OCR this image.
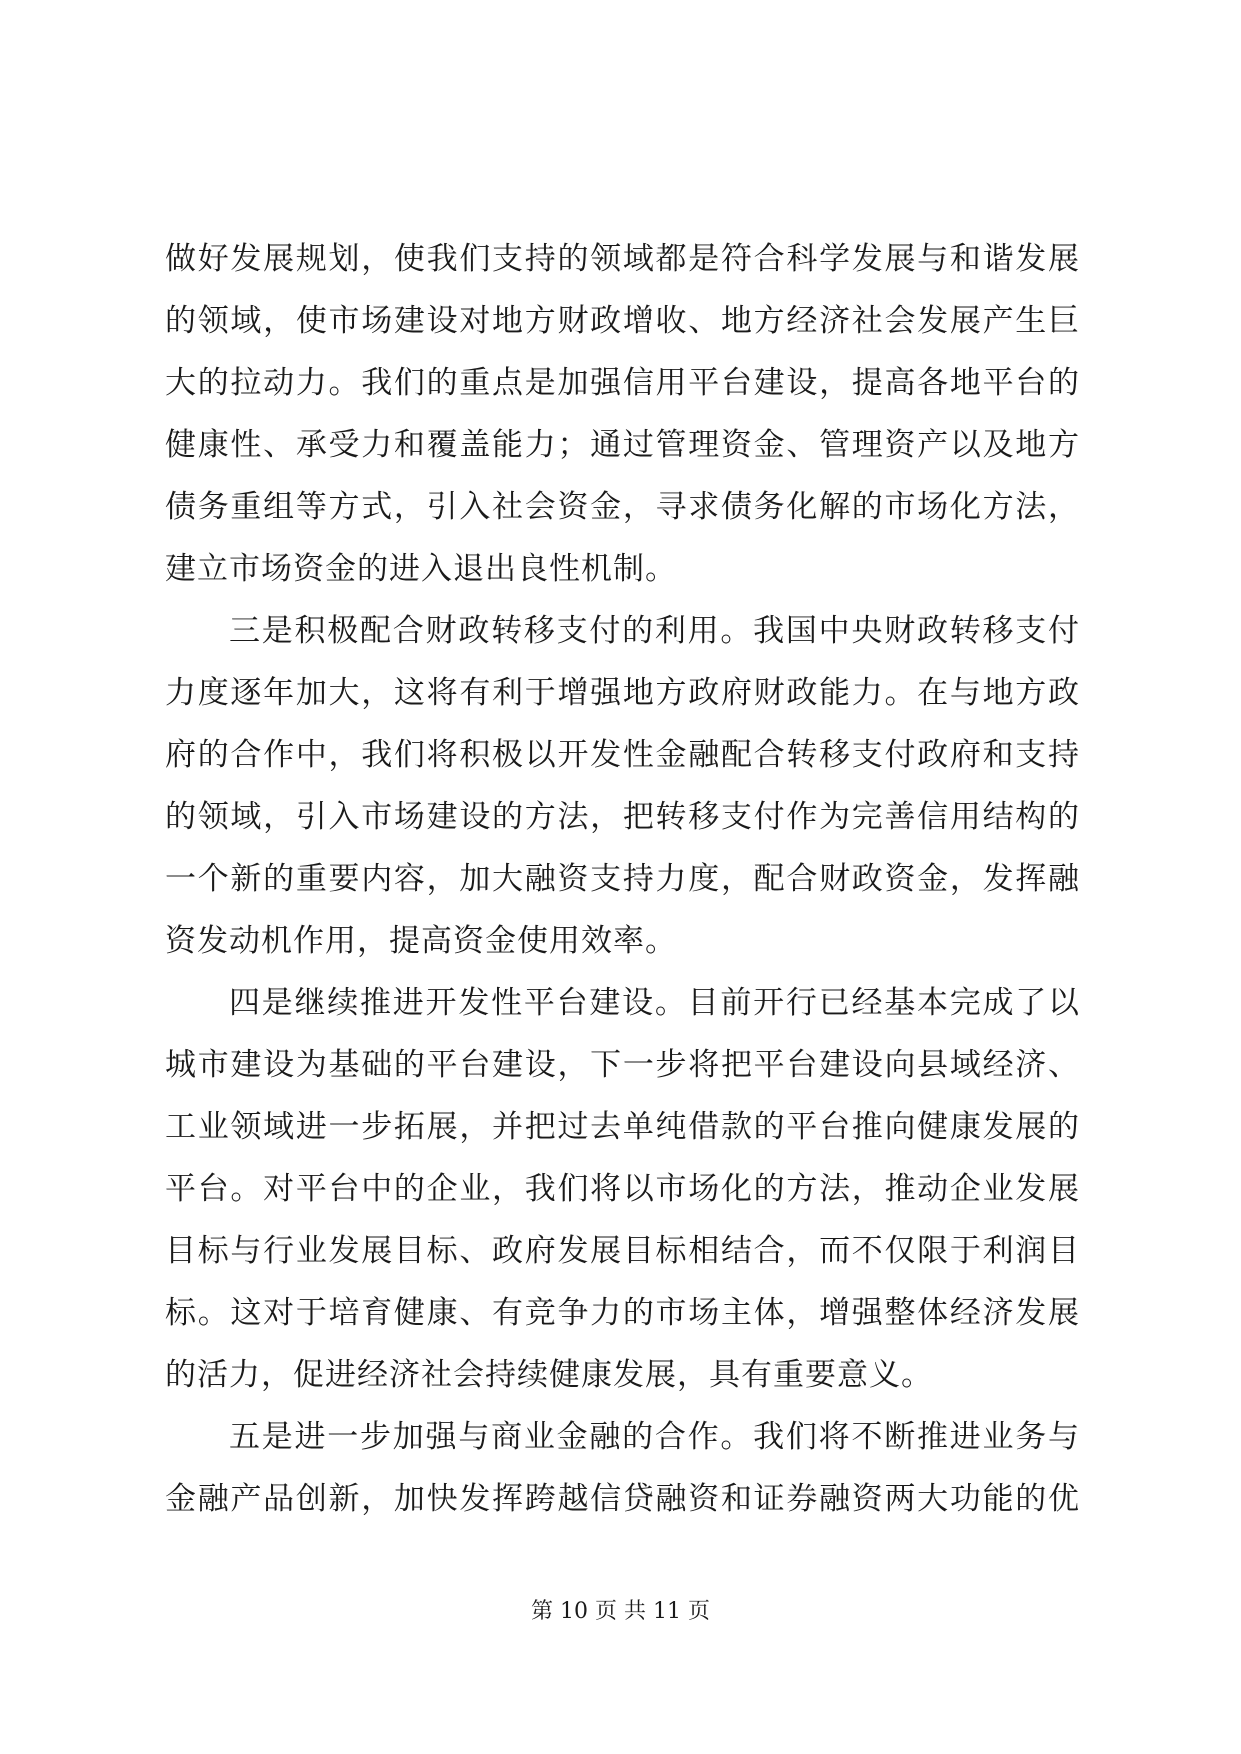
做好发展规划，使我们支持的领域都是符合科学发展与和谐发展
的领域，使市场建设对地方财政增收、地方经济社会发展产生巨
大的拉动力。我们的重点是加强信用平台建设，提高各地平台的
健康性、承受力和覆盖能力；通过管理资金、管理资产以及地方
债务重组等方式，引入社会资金，寻求债务化解的市场化方法，
建立市场资金的进入退出良性机制。
三是积极配合财政转移支付的利用。我国中央财政转移支付
力度逐年加大，这将有利于增强地方政府财政能力。在与地方政
府的合作中，我们将积极以开发性金融配合转移支付政府和支持
的领域，引入市场建设的方法，把转移支付作为完善信用结构的
一个新的重要内容，加大融资支持力度，配合财政资金，发挥融
资发动机作用，提高资金使用效率。
四是继续推进开发性平台建设。目前开行已经基本完成了以
城市建设为基础的平台建设，下一步将把平台建设向县域经济、
工业领域进一步拓展，并把过去单纯借款的平台推向健康发展的
平台。对平台中的企业，我们将以市场化的方法，推动企业发展
目标与行业发展目标、政府发展目标相结合，而不仅限于利润目
标。这对于培育健康、有竞争力的市场主体，增强整体经济发展
的活力，促进经济社会持续健康发展，具有重要意义。
五是进一步加强与商业金融的合作。我们将不断推进业务与
金融产品创新，加快发挥跨越信贷融资和证券融资两大功能的优
第 10 页 共 11 页
